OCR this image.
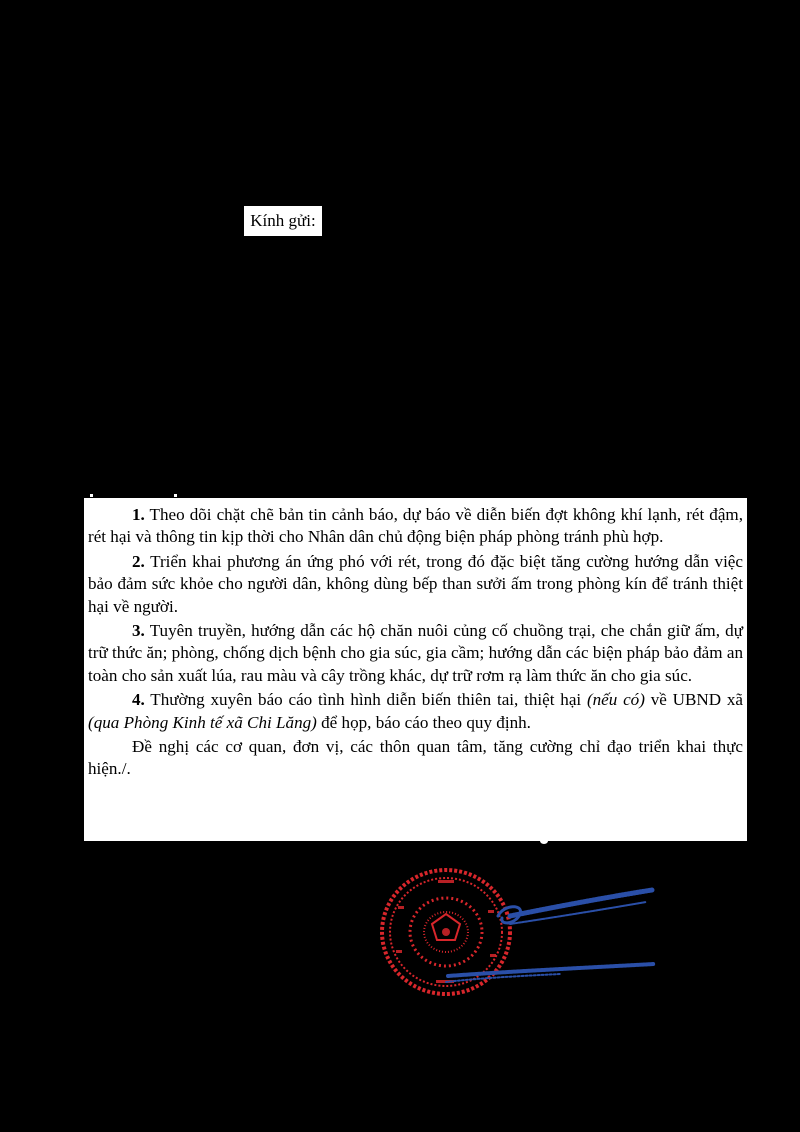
Kính gửi:

1. Theo dõi chặt chẽ bản tin cảnh báo, dự báo về diễn biến đợt không khí lạnh, rét đậm, rét hại và thông tin kịp thời cho Nhân dân chủ động biện pháp phòng tránh phù hợp.

2. Triển khai phương án ứng phó với rét, trong đó đặc biệt tăng cường hướng dẫn việc bảo đảm sức khỏe cho người dân, không dùng bếp than sưởi ấm trong phòng kín để tránh thiệt hại về người.

3. Tuyên truyền, hướng dẫn các hộ chăn nuôi củng cố chuồng trại, che chắn giữ ấm, dự trữ thức ăn; phòng, chống dịch bệnh cho gia súc, gia cầm; hướng dẫn các biện pháp bảo đảm an toàn cho sản xuất lúa, rau màu và cây trồng khác, dự trữ rơm rạ làm thức ăn cho gia súc.

4. Thường xuyên báo cáo tình hình diễn biến thiên tai, thiệt hại (nếu có) về UBND xã (qua Phòng Kinh tế xã Chi Lăng) để họp, báo cáo theo quy định.

Đề nghị các cơ quan, đơn vị, các thôn quan tâm, tăng cường chỉ đạo triển khai thực hiện./.
